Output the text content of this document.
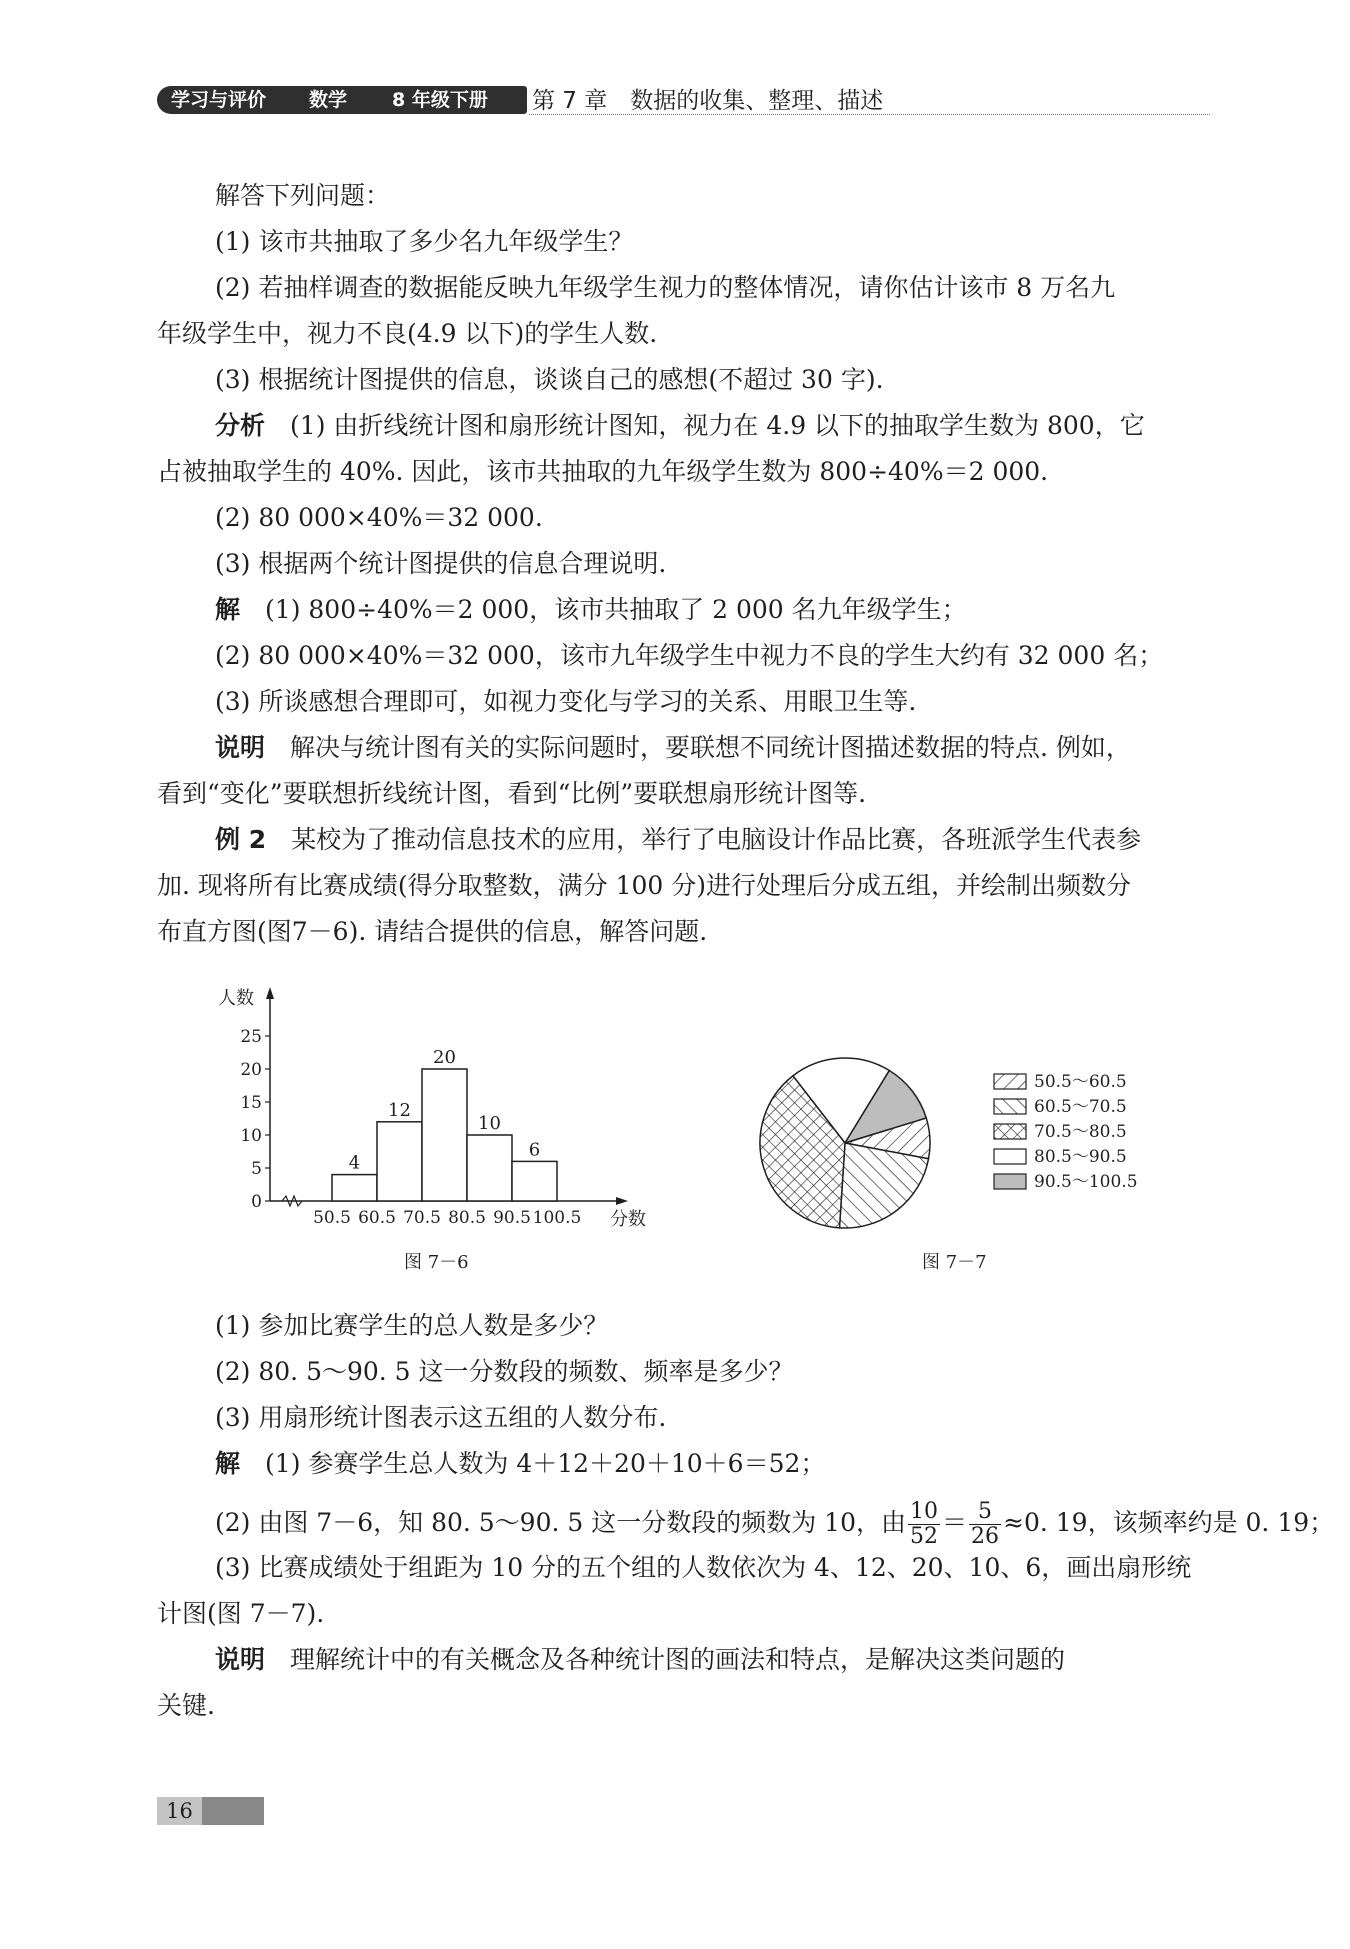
学习与评价 数学 8 年级下册 第 7 章　数据的收集、整理、描述
解答下列问题：
(1) 该市共抽取了多少名九年级学生？
(2) 若抽样调查的数据能反映九年级学生视力的整体情况，请你估计该市 8 万名九
年级学生中，视力不良(4.9 以下)的学生人数.
(3) 根据统计图提供的信息，谈谈自己的感想(不超过 30 字).
分析　 (1) 由折线统计图和扇形统计图知，视力在 4.9 以下的抽取学生数为 800，它
占被抽取学生的 40%. 因此，该市共抽取的九年级学生数为 800÷40%＝2 000.
(2) 80 000×40%＝32 000.
(3) 根据两个统计图提供的信息合理说明.
解　 (1) 800÷40%＝2 000，该市共抽取了 2 000 名九年级学生；
(2) 80 000×40%＝32 000，该市九年级学生中视力不良的学生大约有 32 000 名；
(3) 所谈感想合理即可，如视力变化与学习的关系、用眼卫生等.
说明　 解决与统计图有关的实际问题时，要联想不同统计图描述数据的特点. 例如，
看到“变化”要联想折线统计图，看到“比例”要联想扇形统计图等.
例 2　 某校为了推动信息技术的应用，举行了电脑设计作品比赛，各班派学生代表参
加. 现将所有比赛成绩(得分取整数，满分 100 分)进行处理后分成五组，并绘制出频数分
布直方图(图7－6). 请结合提供的信息，解答问题.
人数
分数
0
5
10
15
20
25
50.5 60.5 70.5 80.5 90.5 100.5
4
12
20
10
6
图 7－6
50.5～60.5
60.5～70.5
70.5～80.5
80.5～90.5
90.5～100.5
图 7－7
(1) 参加比赛学生的总人数是多少？
(2) 80. 5～90. 5 这一分数段的频数、频率是多少？
(3) 用扇形统计图表示这五组的人数分布.
解　 (1) 参赛学生总人数为 4＋12＋20＋10＋6＝52；
(2) 由图 7－6，知 80. 5～90. 5 这一分数段的频数为 10，由 $\frac{10}{52} = \frac{5}{26} \approx 0$. 19，该频率约是 0. 19；
(3) 比赛成绩处于组距为 10 分的五个组的人数依次为 4、12、20、10、6，画出扇形统
计图(图 7－7).
说明　 理解统计中的有关概念及各种统计图的画法和特点，是解决这类问题的
关键.
16
